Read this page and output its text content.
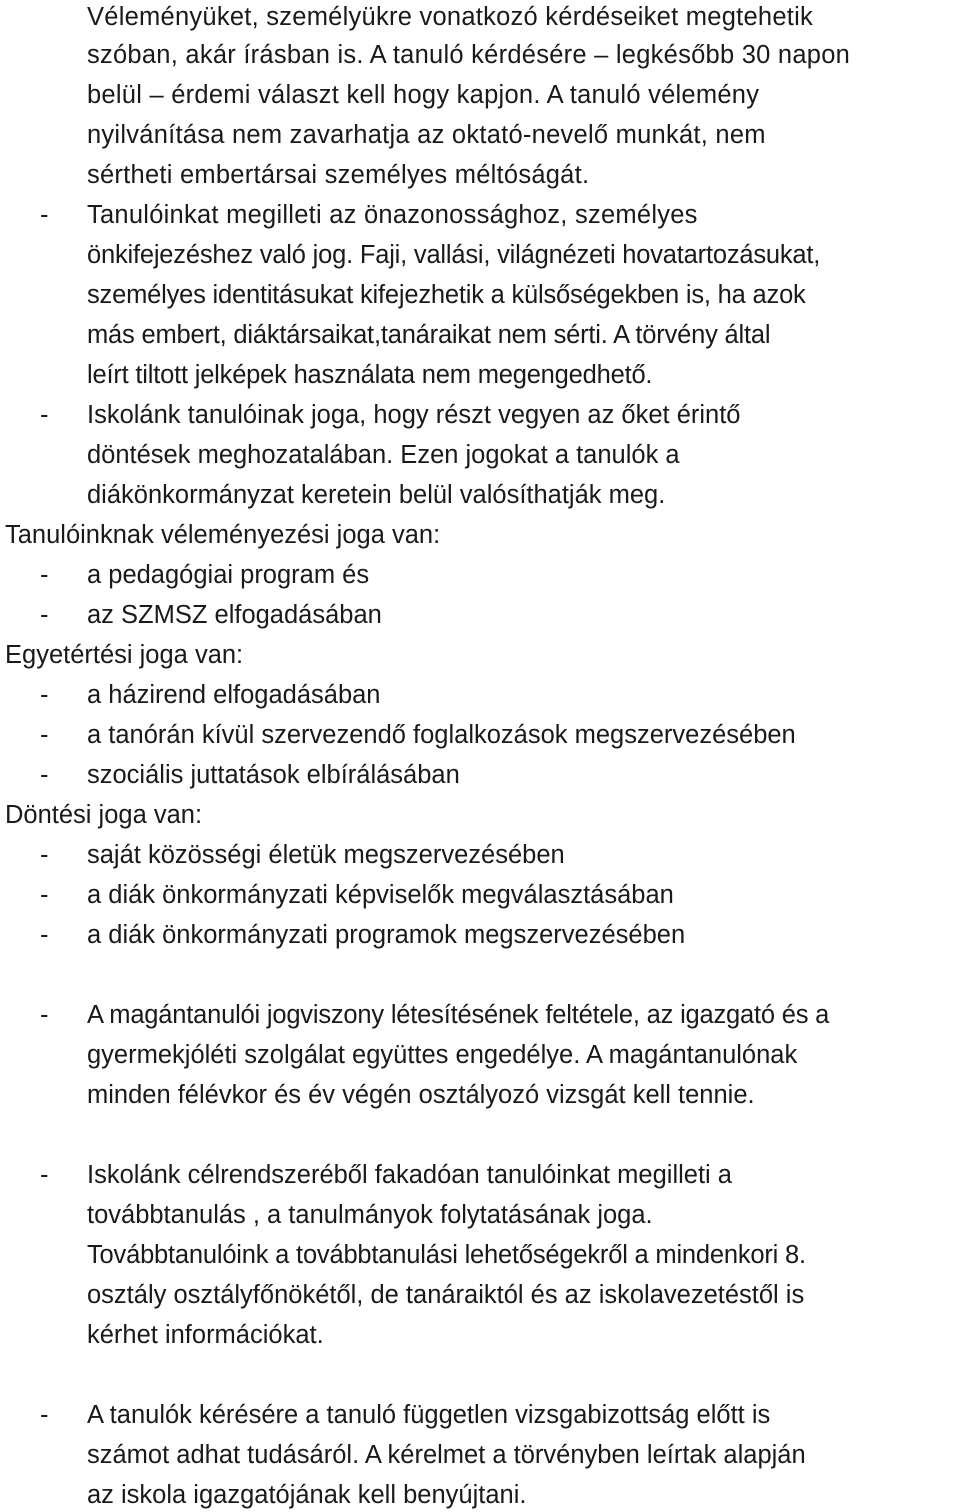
Véleményüket, személyükre vonatkozó kérdéseiket megtehetik
szóban, akár írásban is. A tanuló kérdésére – legkésőbb 30 napon
belül – érdemi választ kell hogy kapjon. A tanuló vélemény
nyilvánítása nem zavarhatja az oktató-nevelő munkát, nem
sértheti embertársai személyes méltóságát.
- Tanulóinkat megilleti az önazonossághoz, személyes
önkifejezéshez való jog. Faji, vallási, világnézeti hovatartozásukat,
személyes identitásukat kifejezhetik a külsőségekben is, ha azok
más embert, diáktársaikat,tanáraikat nem sérti. A törvény által
leírt tiltott jelképek használata nem megengedhető.
- Iskolánk tanulóinak joga, hogy részt vegyen az őket érintő
döntések meghozatalában. Ezen jogokat a tanulók a
diákönkormányzat keretein belül valósíthatják meg.
Tanulóinknak véleményezési joga van:
- a pedagógiai program és
- az SZMSZ elfogadásában
Egyetértési joga van:
- a házirend elfogadásában
- a tanórán kívül szervezendő foglalkozások megszervezésében
- szociális juttatások elbírálásában
Döntési joga van:
- saját közösségi életük megszervezésében
- a diák önkormányzati képviselők megválasztásában
- a diák önkormányzati programok megszervezésében
- A magántanulói jogviszony létesítésének feltétele, az igazgató és a
gyermekjóléti szolgálat együttes engedélye. A magántanulónak
minden félévkor és év végén osztályozó vizsgát kell tennie.
- Iskolánk célrendszeréből fakadóan tanulóinkat megilleti a
továbbtanulás , a tanulmányok folytatásának joga.
Továbbtanulóink a továbbtanulási lehetőségekről a mindenkori 8.
osztály osztályfőnökétől, de tanáraiktól és az iskolavezetéstől is
kérhet információkat.
- A tanulók kérésére a tanuló független vizsgabizottság előtt is
számot adhat tudásáról. A kérelmet a törvényben leírtak alapján
az iskola igazgatójának kell benyújtani.
